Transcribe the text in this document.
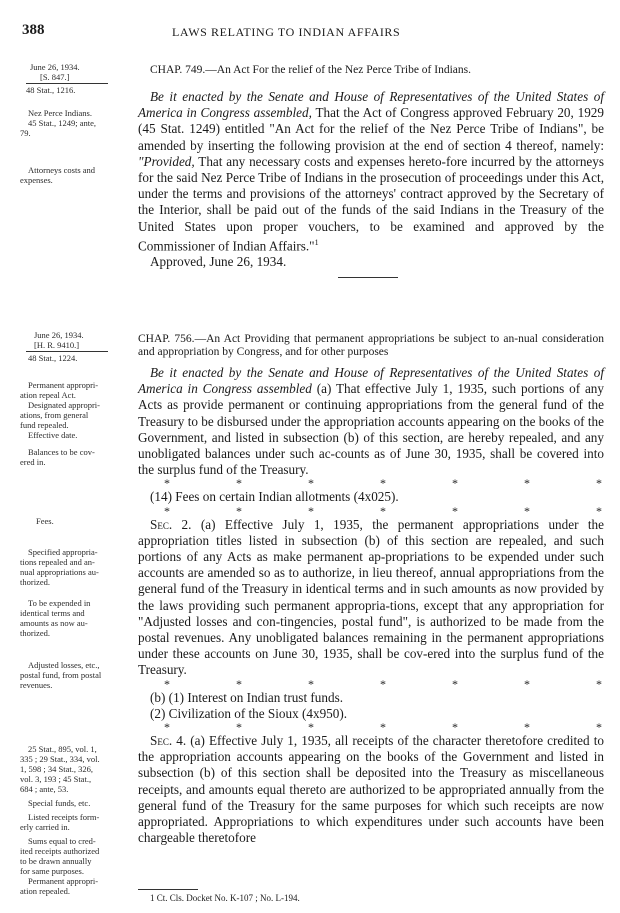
388	LAWS RELATING TO INDIAN AFFAIRS

June 26, 1934.

[S. 847.]

48 Stat., 1216.

Nez Perce Indians.

45 Stat., 1249; ante,

79.

Attorneys costs and

expenses.

CHAP. 749.—An Act For the relief of the Nez Perce Tribe of Indians.

Be it enacted by the Senate and House of Representatives of the United States of America in Congress assembled, That the Act of Congress approved February 20, 1929 (45 Stat. 1249) entitled "An Act for the relief of the Nez Perce Tribe of Indians", be amended by inserting the following provision at the end of section 4 thereof, namely: "Provided, That any necessary costs and expenses hereto-fore incurred by the attorneys for the said Nez Perce Tribe of Indians in the prosecution of proceedings under this Act, under the terms and provisions of the attorneys' contract approved by the Secretary of the Interior, shall be paid out of the funds of the said Indians in the Treasury of the United States upon proper vouchers, to be examined and approved by the Commissioner of Indian Affairs."$^1$

Approved, June 26, 1934.

June 26, 1934.

[H. R. 9410.]

48 Stat., 1224.

Permanent appropri-

ation repeal Act.

Designated appropri-

ations, from general

fund repealed.

Effective date.

Balances to be cov-

ered in.

Fees.

Specified appropria-

tions repealed and an-

nual appropriations au-

thorized.

To be expended in

identical terms and

amounts as now au-

thorized.

Adjusted losses, etc.,

postal fund, from postal

revenues.

25 Stat., 895, vol. 1,

335 ; 29 Stat., 334, vol.

1, 598 ; 34 Stat., 326,

vol. 3, 193 ; 45 Stat.,

684 ; ante, 53.

Special funds, etc.

Listed receipts form-

erly carried in.

Sums equal to cred-

ited receipts authorized

to be drawn annually

for same purposes.

Permanent appropri-

ation repealed.

CHAP. 756.—An Act Providing that permanent appropriations be subject to an-nual consideration and appropriation by Congress, and for other purposes

Be it enacted by the Senate and House of Representatives of the United States of America in Congress assembled (a) That effective July 1, 1935, such portions of any Acts as provide permanent or continuing appropriations from the general fund of the Treasury to be disbursed under the appropriation accounts appearing on the books of the Government, and listed in subsection (b) of this section, are hereby repealed, and any unobligated balances under such ac-counts as of June 30, 1935, shall be covered into the surplus fund of the Treasury.

*	*	*	*	*	*	*

(14) Fees on certain Indian allotments (4x025).

*	*	*	*	*	*	*

Sec. 2. (a) Effective July 1, 1935, the permanent appropriations under the appropriation titles listed in subsection (b) of this section are repealed, and such portions of any Acts as make permanent ap-propriations to be expended under such accounts are amended so as to authorize, in lieu thereof, annual appropriations from the general fund of the Treasury in identical terms and in such amounts as now provided by the laws providing such permanent appropria-tions, except that any appropriation for "Adjusted losses and con-tingencies, postal fund", is authorized to be made from the postal revenues. Any unobligated balances remaining in the permanent appropriations under these accounts on June 30, 1935, shall be cov-ered into the surplus fund of the Treasury.

*	*	*	*	*	*	*

(b) (1) Interest on Indian trust funds.

(2) Civilization of the Sioux (4x950).

*	*	*	*	*	*	*

Sec. 4. (a) Effective July 1, 1935, all receipts of the character theretofore credited to the appropriation accounts appearing on the books of the Government and listed in subsection (b) of this section shall be deposited into the Treasury as miscellaneous receipts, and amounts equal thereto are authorized to be appropriated annually from the general fund of the Treasury for the same purposes for which such receipts are now appropriated. Appropriations to which expenditures under such accounts have been chargeable theretofore

1 Ct. Cls. Docket No. K-107 ; No. L-194.
